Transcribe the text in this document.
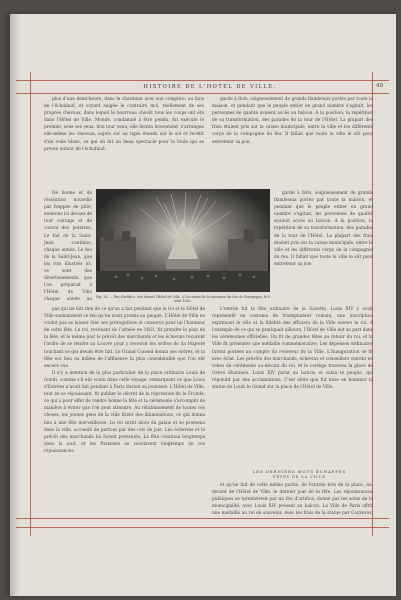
HISTOIRE DE L'HOTEL DE VILLE.	49

plus d'une demi-heure, dans le charmant avec son complice, au face de l'échafaud, et voyant exigée le contraire moi, réellement de ses propres chevaux, dans lequel le bourreau choisit tous les coups ont été dans l'Hôtel de Ville. Monde, condamné à être pendu, fut exécuté le premier, sous ses yeux. Son tour venu, elle monta bravement, s'arrangea elle-même les cheveux, sujets sur un tapis étendu sur le sol et revêtit d'un voile blanc, ce qui en fut un beau spectacle pour la foule qui se presse autour de l'échafaud.

garde à flots, soigneusement de grands flambeaux portés par toute la maison, et pendant que le peuple entier en grand nombre s'agitait, les personnes de qualité avaient accès au balcon. À la position, la répétition de sa transformation, des parades de la tour de l'Hôtel. La plupart des frais étaient pris sur la caisse municipale, entre la ville et les différents corps de la compagnie du feu. Il fallait que toute la ville le sût pour entretenir sa joie.

De bonne et de résolution nouvelle par frappée de pitié, mentons ici devant de tout courage et de convoi des peintres. Le fait de la Saint-Jean continue, chaque année. Le feu de la Saint-Jean, que les rois illustrés ici, ce sont des divertissements que l'on préparait à l'Hôtel de Ville chaque année au

garde à flots, soigneusement de grands flambeaux portés par toute la maison, et pendant que le peuple entier en grand nombre s'agitait, les personnes de qualité avaient accès au balcon. À la position, la répétition de sa transformation, des parades de la tour de l'Hôtel. La plupart des frais étaient pris sur la caisse municipale, entre la ville et les différents corps de la compagnie du feu. Il fallait que toute la ville le sût pour entretenir sa joie.

Fig. 26. — Feu d'artifice, tiré devant l'Hôtel de Ville, à l'occasion de la naissance du duc de Bourgogne, le 6 août 1682.

pas qui ne fait rien de ce qu'on a fait pendant que le roi et le Hôtel de Ville souhaitaient ce feu qu'on avait promis au peuple. L'Hôtel de Ville ne voulut pas se laisser ôter ses prérogatives et conserva pour lui l'honneur de cette fête. Le roi, revenant de l'armée en 1661, fit prendre le plan de la fête, et le même jour le prévôt des marchands et les échevins reçurent l'ordre de se rendre au Louvre pour y recevoir les ordres de Sa Majesté touchant ce qui devait être fait. Le Grand Conseil donna ses ordres, et la fête eut lieu au milieu de l'affluence la plus considérable que l'on eût encore vue.

Il n'y a mention de la plus particulier de la place ordinaire Louis de Gondi, comme s'il eût voulu dans celle voyage, remarquant ce que Louis d'Estrées n'avait fait pendant à Paris durant sa jeunesse. L'Hôtel de Ville, tout en se réjouissant, fit publier le décret de la répression de la Fronde, ce qui a pour effet de rendre bonne la fête et la cérémonie s'accomplit de manière à éviter que l'on peut attendre. Au rétablissement de toutes ces choses, les jeunes gens de la ville firent des illuminations, ce qui donna lieu à une fête merveilleuse. Le roi sortit alors du palais et se promena dans la ville, accueilli de partout par des cris de joie. Les échevins et le prévôt des marchands lui furent présentés. La fête continua longtemps dans la nuit, et les Parisiens se souvinrent longtemps de ces réjouissances.

L'entrée fut la fête ordinaire de la Gazette, Louis XIV y avait représenté en costume de triomphateur romain, une inscription exprimant le rôle et la fidélité des officiers de la Ville envers le roi. A l'exemple de ce qui se pratiquait ailleurs, l'Hôtel de Ville eut sa part dans les cérémonies officielles. On fit de grandes fêtes au retour du roi, et la Ville fit présenter une médaille commémorative. Les dépenses ordinaires furent portées au compte du receveur de la Ville. L'Inauguration se fit avec éclat. Les prévôts des marchands, échevins et conseillers vinrent en robes de cérémonie au-devant du roi, et le cortège traversa la place de Grève illuminée. Louis XIV parut au balcon et salua le peuple, qui répondit par des acclamations. C'est alors que fut mise en honneur la statue de Louis le Grand sur la place de l'Hôtel de Ville.

LES DERNIERS MOTS ÉCHAPPÉS
FÊTES DE LA VILLE

et qu'on fait de cette même partie, de l'entrée très de la place, au-devant de l'Hôtel de Ville, le dernier jour de la fête. Les réjouissances publiques se terminèrent par un feu d'artifice, donné par les soins de la municipalité, avec Louis XIV présent au balcon. La Ville de Paris offrit une médaille au roi en souvenir. Avec les frais de la statue par Coyzevox,
